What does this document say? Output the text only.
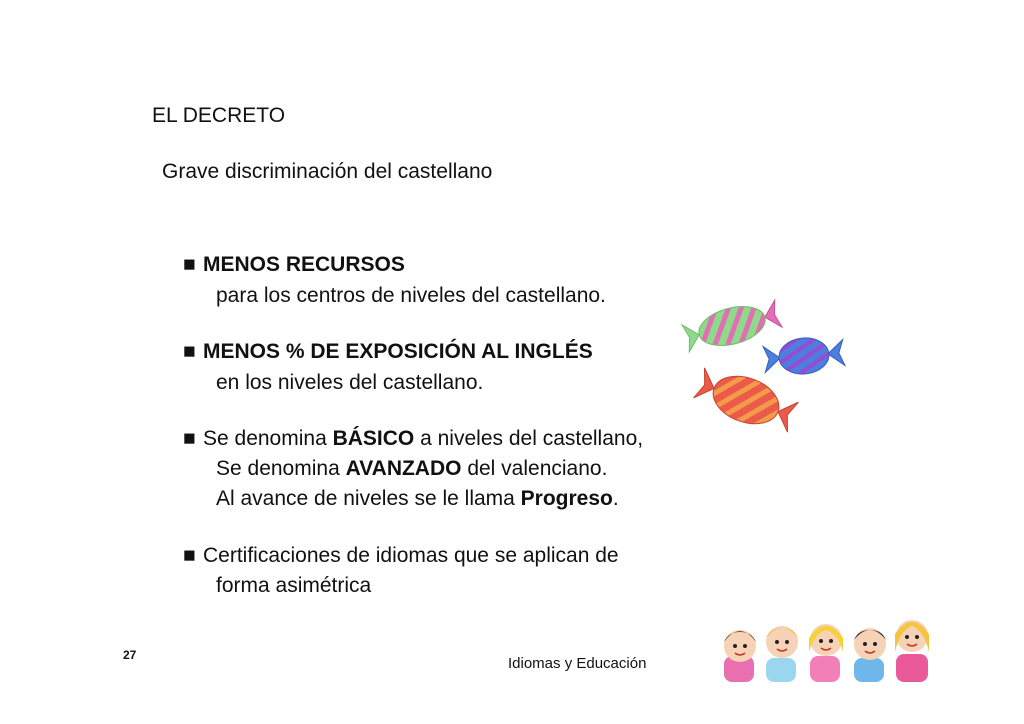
EL DECRETO
Grave discriminación del castellano
■ MENOS RECURSOS
para los centros de niveles del castellano.
■ MENOS % DE EXPOSICIÓN AL INGLÉS
en los niveles del castellano.
■ Se denomina BÁSICO a niveles del castellano,
Se denomina AVANZADO del valenciano.
Al avance de niveles se le llama Progreso.
■ Certificaciones de idiomas que se aplican de
forma asimétrica
27	Idiomas y Educación
